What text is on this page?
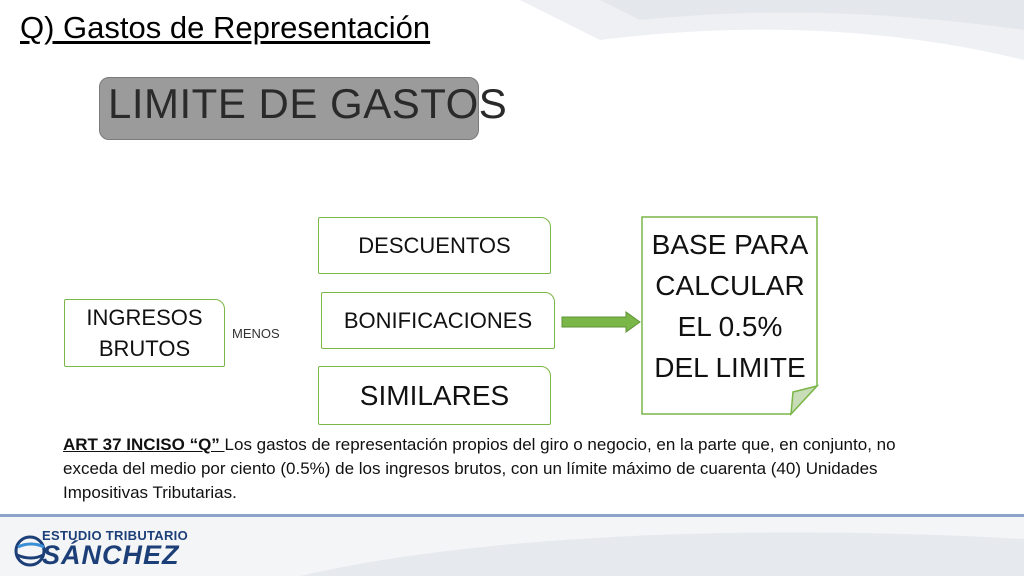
Q) Gastos de Representación
LIMITE DE GASTOS
INGRESOS
BRUTOS
MENOS
DESCUENTOS
BONIFICACIONES
SIMILARES
BASE PARA
CALCULAR
EL 0.5%
DEL LIMITE
ART 37 INCISO “Q” Los gastos de representación propios del giro o negocio, en la parte que, en conjunto, no exceda del medio por ciento (0.5%) de los ingresos brutos, con un límite máximo de cuarenta (40) Unidades Impositivas Tributarias.
ESTUDIO TRIBUTARIO
SÁNCHEZ
